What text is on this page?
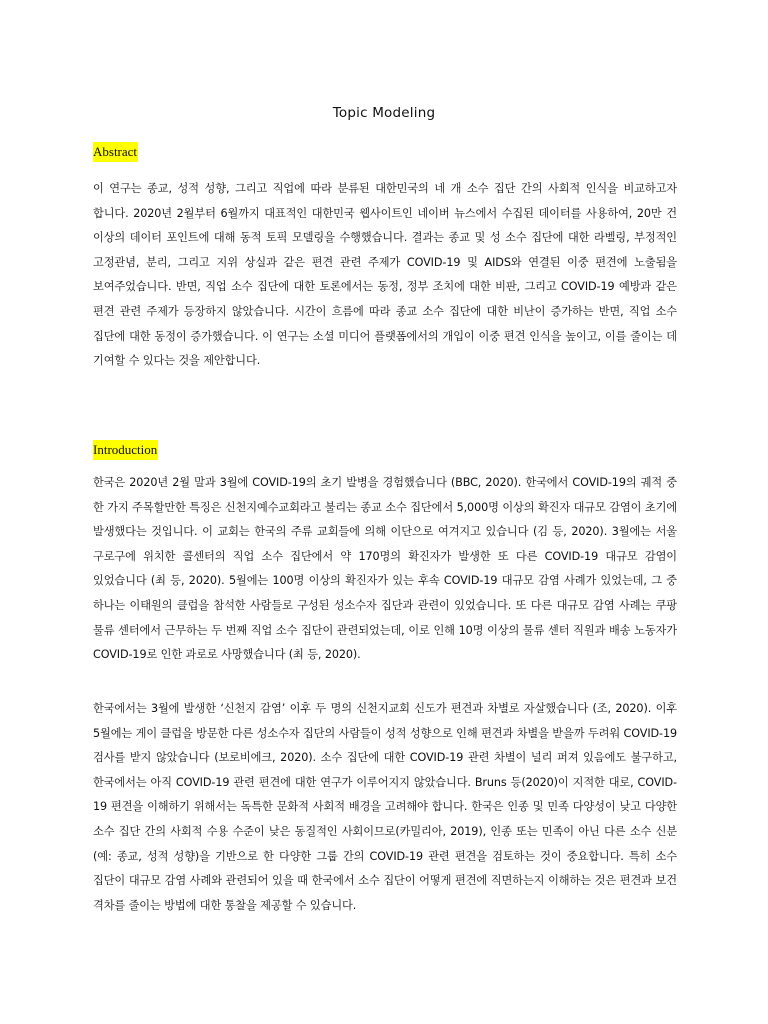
Topic Modeling
Abstract

이 연구는 종교, 성적 성향, 그리고 직업에 따라 분류된 대한민국의 네 개 소수 집단 간의 사회적 인식을 비교하고자 합니다. 2020년 2월부터 6월까지 대표적인 대한민국 웹사이트인 네이버 뉴스에서 수집된 데이터를 사용하여, 20만 건 이상의 데이터 포인트에 대해 동적 토픽 모델링을 수행했습니다. 결과는 종교 및 성 소수 집단에 대한 라벨링, 부정적인 고정관념, 분리, 그리고 지위 상실과 같은 편견 관련 주제가 COVID-19 및 AIDS와 연결된 이중 편견에 노출됨을 보여주었습니다. 반면, 직업 소수 집단에 대한 토론에서는 동정, 정부 조치에 대한 비판, 그리고 COVID-19 예방과 같은 편견 관련 주제가 등장하지 않았습니다. 시간이 흐름에 따라 종교 소수 집단에 대한 비난이 증가하는 반면, 직업 소수 집단에 대한 동정이 증가했습니다. 이 연구는 소셜 미디어 플랫폼에서의 개입이 이중 편견 인식을 높이고, 이를 줄이는 데 기여할 수 있다는 것을 제안합니다.

Introduction

한국은 2020년 2월 말과 3월에 COVID-19의 초기 발병을 경험했습니다 (BBC, 2020). 한국에서 COVID-19의 궤적 중 한 가지 주목할만한 특징은 신천지예수교회라고 불리는 종교 소수 집단에서 5,000명 이상의 확진자 대규모 감염이 초기에 발생했다는 것입니다. 이 교회는 한국의 주류 교회들에 의해 이단으로 여겨지고 있습니다 (김 등, 2020). 3월에는 서울 구로구에 위치한 콜센터의 직업 소수 집단에서 약 170명의 확진자가 발생한 또 다른 COVID-19 대규모 감염이 있었습니다 (최 등, 2020). 5월에는 100명 이상의 확진자가 있는 후속 COVID-19 대규모 감염 사례가 있었는데, 그 중 하나는 이태원의 클럽을 참석한 사람들로 구성된 성소수자 집단과 관련이 있었습니다. 또 다른 대규모 감염 사례는 쿠팡 물류 센터에서 근무하는 두 번째 직업 소수 집단이 관련되었는데, 이로 인해 10명 이상의 물류 센터 직원과 배송 노동자가 COVID-19로 인한 과로로 사망했습니다 (최 등, 2020).

한국에서는 3월에 발생한 ‘신천지 감염’ 이후 두 명의 신천지교회 신도가 편견과 차별로 자살했습니다 (조, 2020). 이후 5월에는 게이 클럽을 방문한 다른 성소수자 집단의 사람들이 성적 성향으로 인해 편견과 차별을 받을까 두려워 COVID-19 검사를 받지 않았습니다 (보로비에크, 2020). 소수 집단에 대한 COVID-19 관련 차별이 널리 퍼져 있음에도 불구하고, 한국에서는 아직 COVID-19 관련 편견에 대한 연구가 이루어지지 않았습니다. Bruns 등(2020)이 지적한 대로, COVID-19 편견을 이해하기 위해서는 독특한 문화적 사회적 배경을 고려해야 합니다. 한국은 인종 및 민족 다양성이 낮고 다양한 소수 집단 간의 사회적 수용 수준이 낮은 동질적인 사회이므로(카밀리아, 2019), 인종 또는 민족이 아닌 다른 소수 신분(예: 종교, 성적 성향)을 기반으로 한 다양한 그룹 간의 COVID-19 관련 편견을 검토하는 것이 중요합니다. 특히 소수 집단이 대규모 감염 사례와 관련되어 있을 때 한국에서 소수 집단이 어떻게 편견에 직면하는지 이해하는 것은 편견과 보건 격차를 줄이는 방법에 대한 통찰을 제공할 수 있습니다.
